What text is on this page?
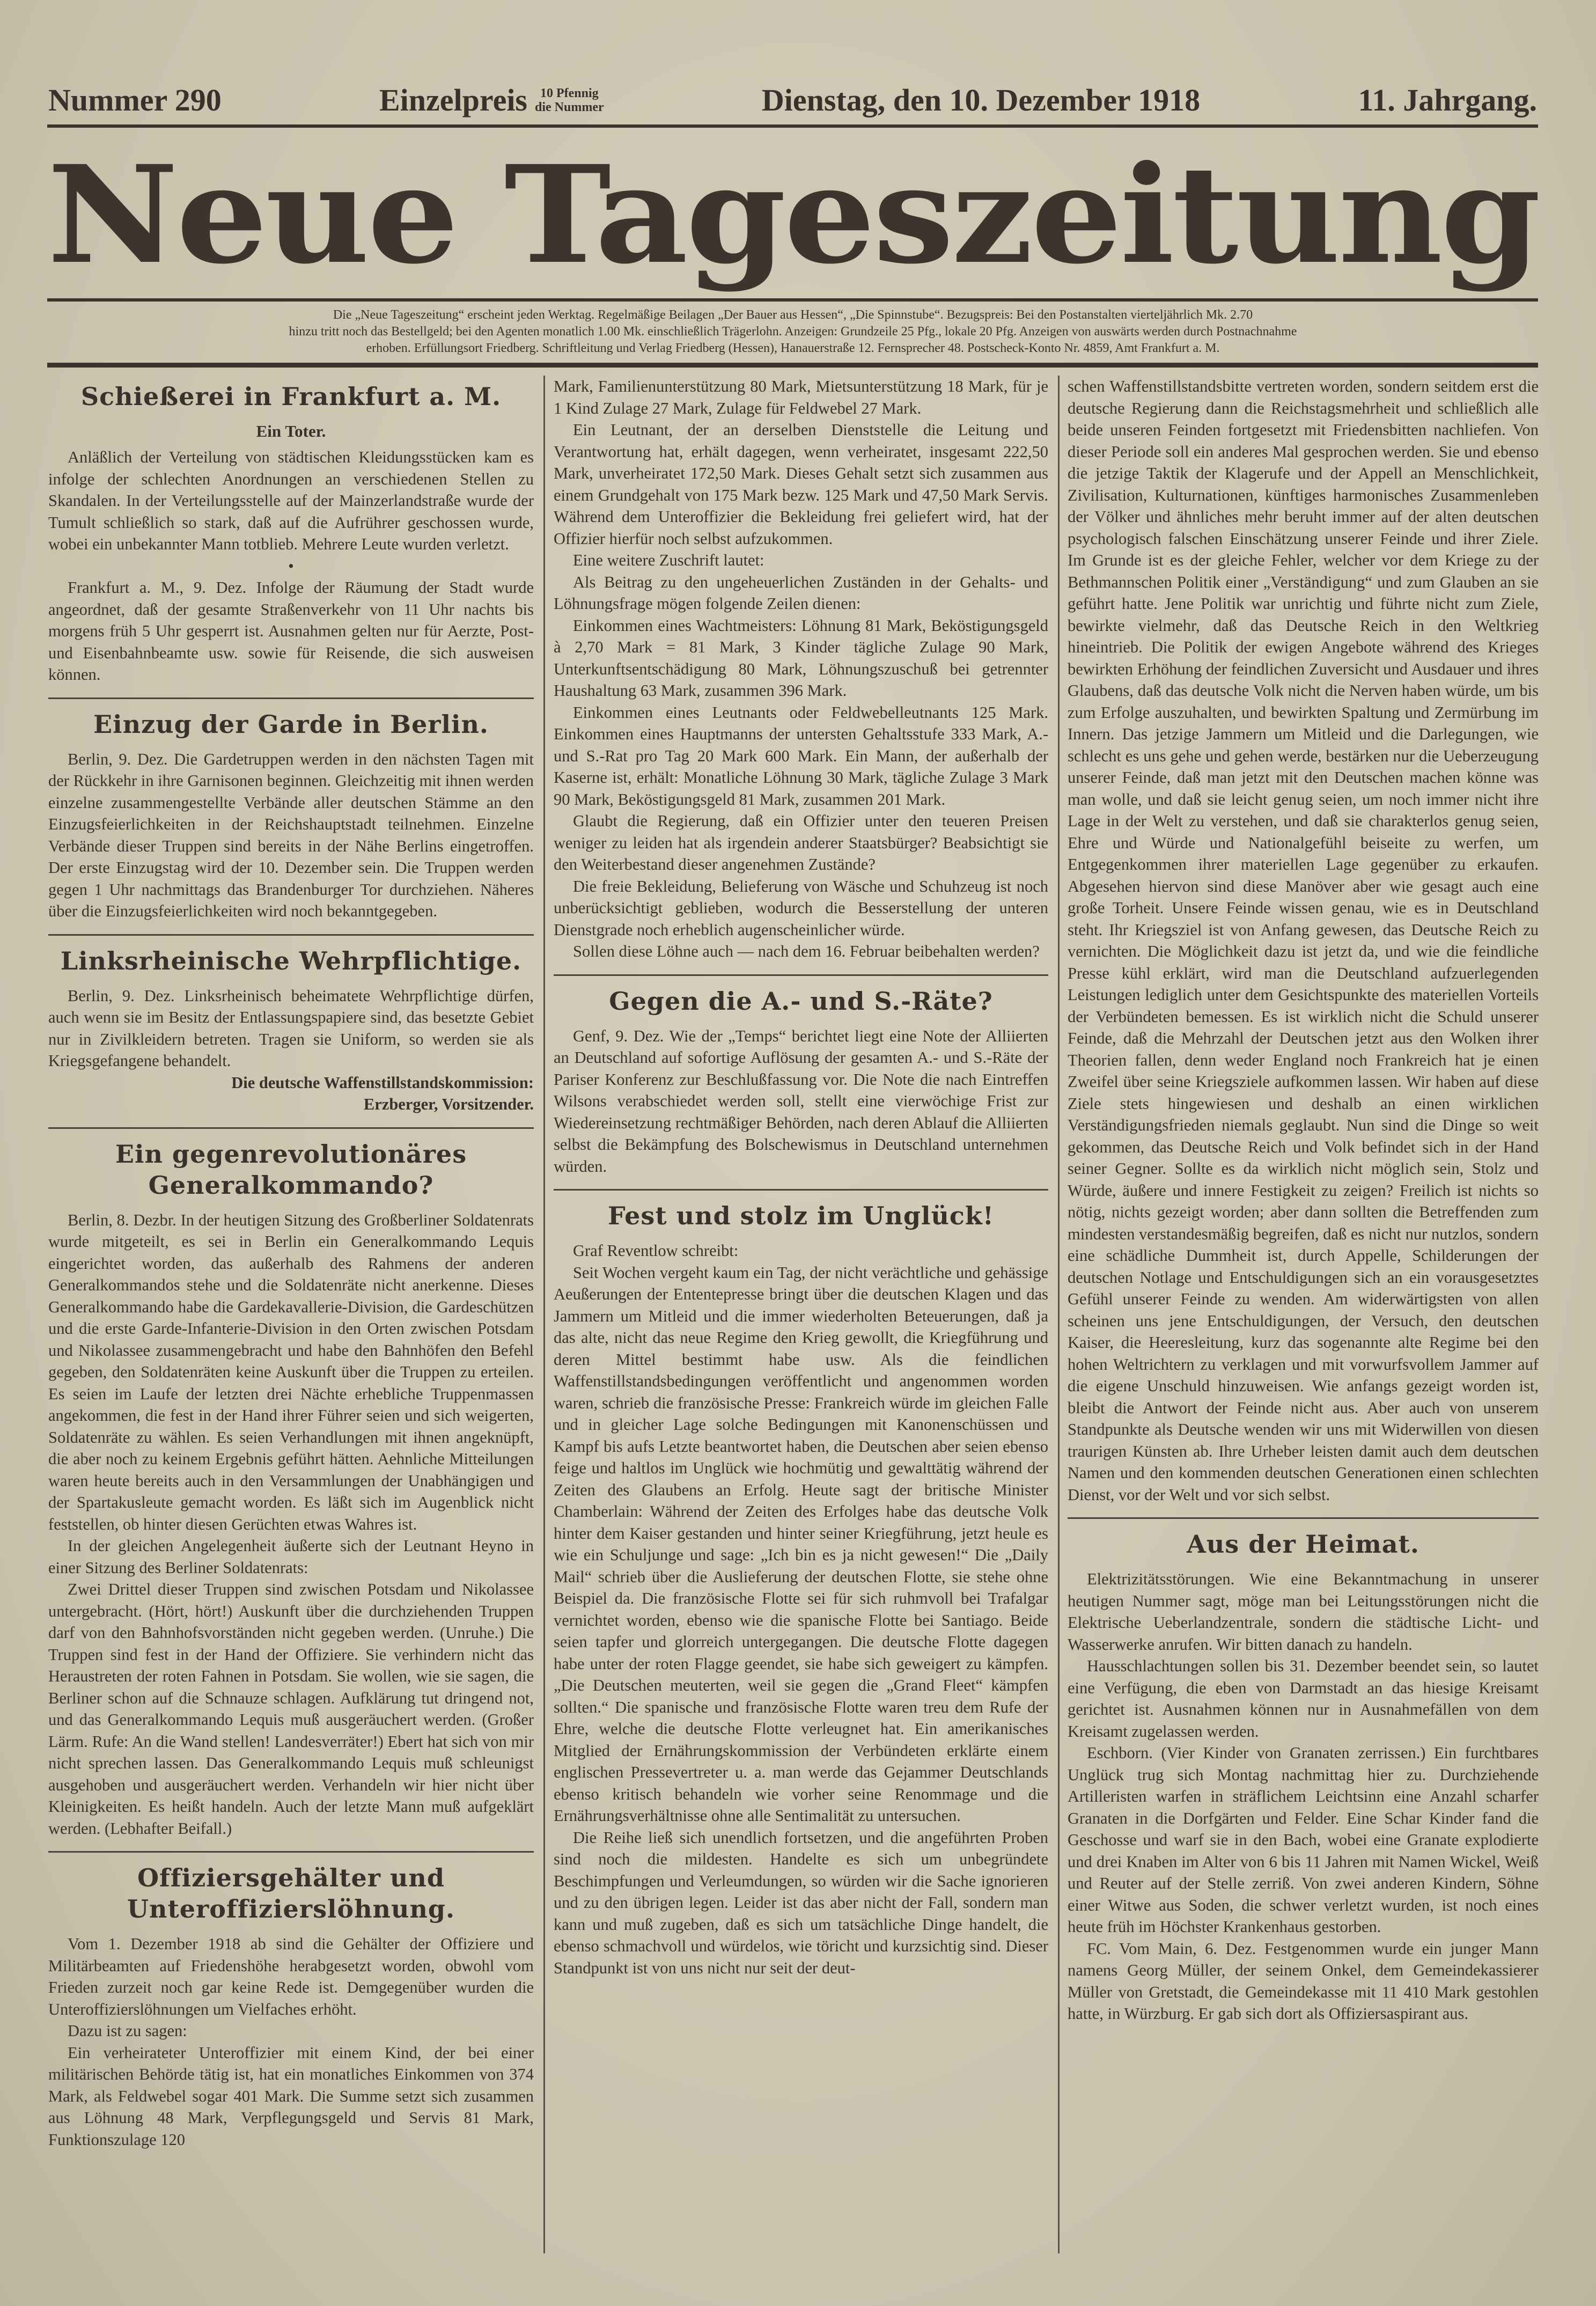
Nummer 290	Einzelpreis 10 Pfennig
die Nummer	Dienstag, den 10. Dezember 1918	11. Jahrgang.
Neue Tageszeitung
Die „Neue Tageszeitung“ erscheint jeden Werktag. Regelmäßige Beilagen „Der Bauer aus Hessen“, „Die Spinnstube“. Bezugspreis: Bei den Postanstalten vierteljährlich Mk. 2.70
hinzu tritt noch das Bestellgeld; bei den Agenten monatlich 1.00 Mk. einschließlich Trägerlohn. Anzeigen: Grundzeile 25 Pfg., lokale 20 Pfg. Anzeigen von auswärts werden durch Postnachnahme
erhoben. Erfüllungsort Friedberg. Schriftleitung und Verlag Friedberg (Hessen), Hanauerstraße 12. Fernsprecher 48. Postscheck-Konto Nr. 4859, Amt Frankfurt a. M.
Schießerei in Frankfurt a. M.
Ein Toter.

Anläßlich der Verteilung von städtischen Kleidungsstücken kam es infolge der schlechten Anordnungen an verschiedenen Stellen zu Skandalen. In der Verteilungsstelle auf der Mainzerlandstraße wurde der Tumult schließlich so stark, daß auf die Aufrührer geschossen wurde, wobei ein unbekannter Mann totblieb. Mehrere Leute wurden verletzt.

•

Frankfurt a. M., 9. Dez. Infolge der Räumung der Stadt wurde angeordnet, daß der gesamte Straßenverkehr von 11 Uhr nachts bis morgens früh 5 Uhr gesperrt ist. Ausnahmen gelten nur für Aerzte, Post- und Eisenbahnbeamte usw. sowie für Reisende, die sich ausweisen können.

Einzug der Garde in Berlin.

Berlin, 9. Dez. Die Gardetruppen werden in den nächsten Tagen mit der Rückkehr in ihre Garnisonen beginnen. Gleichzeitig mit ihnen werden einzelne zusammengestellte Verbände aller deutschen Stämme an den Einzugsfeierlichkeiten in der Reichshauptstadt teilnehmen. Einzelne Verbände dieser Truppen sind bereits in der Nähe Berlins eingetroffen. Der erste Einzugstag wird der 10. Dezember sein. Die Truppen werden gegen 1 Uhr nachmittags das Brandenburger Tor durchziehen. Näheres über die Einzugsfeierlichkeiten wird noch bekanntgegeben.

Linksrheinische Wehrpflichtige.

Berlin, 9. Dez. Linksrheinisch beheimatete Wehrpflichtige dürfen, auch wenn sie im Besitz der Entlassungspapiere sind, das besetzte Gebiet nur in Zivilkleidern betreten. Tragen sie Uniform, so werden sie als Kriegsgefangene behandelt.

Die deutsche Waffenstillstandskommission:

Erzberger, Vorsitzender.

Ein gegenrevolutionäres Generalkommando?

Berlin, 8. Dezbr. In der heutigen Sitzung des Großberliner Soldatenrats wurde mitgeteilt, es sei in Berlin ein Generalkommando Lequis eingerichtet worden, das außerhalb des Rahmens der anderen Generalkommandos stehe und die Soldatenräte nicht anerkenne. Dieses Generalkommando habe die Gardekavallerie-Division, die Gardeschützen und die erste Garde-Infanterie-Division in den Orten zwischen Potsdam und Nikolassee zusammengebracht und habe den Bahnhöfen den Befehl gegeben, den Soldatenräten keine Auskunft über die Truppen zu erteilen. Es seien im Laufe der letzten drei Nächte erhebliche Truppenmassen angekommen, die fest in der Hand ihrer Führer seien und sich weigerten, Soldatenräte zu wählen. Es seien Verhandlungen mit ihnen angeknüpft, die aber noch zu keinem Ergebnis geführt hätten. Aehnliche Mitteilungen waren heute bereits auch in den Versammlungen der Unabhängigen und der Spartakusleute gemacht worden. Es läßt sich im Augenblick nicht feststellen, ob hinter diesen Gerüchten etwas Wahres ist.

In der gleichen Angelegenheit äußerte sich der Leutnant Heyno in einer Sitzung des Berliner Soldatenrats:

Zwei Drittel dieser Truppen sind zwischen Potsdam und Nikolassee untergebracht. (Hört, hört!) Auskunft über die durchziehenden Truppen darf von den Bahnhofsvorständen nicht gegeben werden. (Unruhe.) Die Truppen sind fest in der Hand der Offiziere. Sie verhindern nicht das Heraustreten der roten Fahnen in Potsdam. Sie wollen, wie sie sagen, die Berliner schon auf die Schnauze schlagen. Aufklärung tut dringend not, und das Generalkommando Lequis muß ausgeräuchert werden. (Großer Lärm. Rufe: An die Wand stellen! Landesverräter!) Ebert hat sich von mir nicht sprechen lassen. Das Generalkommando Lequis muß schleunigst ausgehoben und ausgeräuchert werden. Verhandeln wir hier nicht über Kleinigkeiten. Es heißt handeln. Auch der letzte Mann muß aufgeklärt werden. (Lebhafter Beifall.)

Offiziersgehälter und Unteroffizierslöhnung.

Vom 1. Dezember 1918 ab sind die Gehälter der Offiziere und Militärbeamten auf Friedenshöhe herabgesetzt worden, obwohl vom Frieden zurzeit noch gar keine Rede ist. Demgegenüber wurden die Unteroffizierslöhnungen um Vielfaches erhöht.

Dazu ist zu sagen:

Ein verheirateter Unteroffizier mit einem Kind, der bei einer militärischen Behörde tätig ist, hat ein monatliches Einkommen von 374 Mark, als Feldwebel sogar 401 Mark. Die Summe setzt sich zusammen aus Löhnung 48 Mark, Verpflegungsgeld und Servis 81 Mark, Funktionszulage 120

Mark, Familienunterstützung 80 Mark, Mietsunterstützung 18 Mark, für je 1 Kind Zulage 27 Mark, Zulage für Feldwebel 27 Mark.

Ein Leutnant, der an derselben Dienststelle die Leitung und Verantwortung hat, erhält dagegen, wenn verheiratet, insgesamt 222,50 Mark, unverheiratet 172,50 Mark. Dieses Gehalt setzt sich zusammen aus einem Grundgehalt von 175 Mark bezw. 125 Mark und 47,50 Mark Servis. Während dem Unteroffizier die Bekleidung frei geliefert wird, hat der Offizier hierfür noch selbst aufzukommen.

Eine weitere Zuschrift lautet:

Als Beitrag zu den ungeheuerlichen Zuständen in der Gehalts- und Löhnungsfrage mögen folgende Zeilen dienen:

Einkommen eines Wachtmeisters: Löhnung 81 Mark, Beköstigungsgeld à 2,70 Mark = 81 Mark, 3 Kinder tägliche Zulage 90 Mark, Unterkunftsentschädigung 80 Mark, Löhnungszuschuß bei getrennter Haushaltung 63 Mark, zusammen 396 Mark.

Einkommen eines Leutnants oder Feldwebelleutnants 125 Mark. Einkommen eines Hauptmanns der untersten Gehaltsstufe 333 Mark, A.- und S.-Rat pro Tag 20 Mark 600 Mark. Ein Mann, der außerhalb der Kaserne ist, erhält: Monatliche Löhnung 30 Mark, tägliche Zulage 3 Mark 90 Mark, Beköstigungsgeld 81 Mark, zusammen 201 Mark.

Glaubt die Regierung, daß ein Offizier unter den teueren Preisen weniger zu leiden hat als irgendein anderer Staatsbürger? Beabsichtigt sie den Weiterbestand dieser angenehmen Zustände?

Die freie Bekleidung, Belieferung von Wäsche und Schuhzeug ist noch unberücksichtigt geblieben, wodurch die Besserstellung der unteren Dienstgrade noch erheblich augenscheinlicher würde.

Sollen diese Löhne auch — nach dem 16. Februar beibehalten werden?

Gegen die A.- und S.-Räte?

Genf, 9. Dez. Wie der „Temps“ berichtet liegt eine Note der Alliierten an Deutschland auf sofortige Auflösung der gesamten A.- und S.-Räte der Pariser Konferenz zur Beschlußfassung vor. Die Note die nach Eintreffen Wilsons verabschiedet werden soll, stellt eine vierwöchige Frist zur Wiedereinsetzung rechtmäßiger Behörden, nach deren Ablauf die Alliierten selbst die Bekämpfung des Bolschewismus in Deutschland unternehmen würden.

Fest und stolz im Unglück!

Graf Reventlow schreibt:

Seit Wochen vergeht kaum ein Tag, der nicht verächtliche und gehässige Aeußerungen der Ententepresse bringt über die deutschen Klagen und das Jammern um Mitleid und die immer wiederholten Beteuerungen, daß ja das alte, nicht das neue Regime den Krieg gewollt, die Kriegführung und deren Mittel bestimmt habe usw. Als die feindlichen Waffenstillstandsbedingungen veröffentlicht und angenommen worden waren, schrieb die französische Presse: Frankreich würde im gleichen Falle und in gleicher Lage solche Bedingungen mit Kanonenschüssen und Kampf bis aufs Letzte beantwortet haben, die Deutschen aber seien ebenso feige und haltlos im Unglück wie hochmütig und gewalttätig während der Zeiten des Glaubens an Erfolg. Heute sagt der britische Minister Chamberlain: Während der Zeiten des Erfolges habe das deutsche Volk hinter dem Kaiser gestanden und hinter seiner Kriegführung, jetzt heule es wie ein Schuljunge und sage: „Ich bin es ja nicht gewesen!“ Die „Daily Mail“ schrieb über die Auslieferung der deutschen Flotte, sie stehe ohne Beispiel da. Die französische Flotte sei für sich ruhmvoll bei Trafalgar vernichtet worden, ebenso wie die spanische Flotte bei Santiago. Beide seien tapfer und glorreich untergegangen. Die deutsche Flotte dagegen habe unter der roten Flagge geendet, sie habe sich geweigert zu kämpfen. „Die Deutschen meuterten, weil sie gegen die „Grand Fleet“ kämpfen sollten.“ Die spanische und französische Flotte waren treu dem Rufe der Ehre, welche die deutsche Flotte verleugnet hat. Ein amerikanisches Mitglied der Ernährungskommission der Verbündeten erklärte einem englischen Pressevertreter u. a. man werde das Gejammer Deutschlands ebenso kritisch behandeln wie vorher seine Renommage und die Ernährungsverhältnisse ohne alle Sentimalität zu untersuchen.

Die Reihe ließ sich unendlich fortsetzen, und die angeführten Proben sind noch die mildesten. Handelte es sich um unbegründete Beschimpfungen und Verleumdungen, so würden wir die Sache ignorieren und zu den übrigen legen. Leider ist das aber nicht der Fall, sondern man kann und muß zugeben, daß es sich um tatsächliche Dinge handelt, die ebenso schmachvoll und würdelos, wie töricht und kurzsichtig sind. Dieser Standpunkt ist von uns nicht nur seit der deut-

schen Waffenstillstandsbitte vertreten worden, sondern seitdem erst die deutsche Regierung dann die Reichstagsmehrheit und schließlich alle beide unseren Feinden fortgesetzt mit Friedensbitten nachliefen. Von dieser Periode soll ein anderes Mal gesprochen werden. Sie und ebenso die jetzige Taktik der Klagerufe und der Appell an Menschlichkeit, Zivilisation, Kulturnationen, künftiges harmonisches Zusammenleben der Völker und ähnliches mehr beruht immer auf der alten deutschen psychologisch falschen Einschätzung unserer Feinde und ihrer Ziele. Im Grunde ist es der gleiche Fehler, welcher vor dem Kriege zu der Bethmannschen Politik einer „Verständigung“ und zum Glauben an sie geführt hatte. Jene Politik war unrichtig und führte nicht zum Ziele, bewirkte vielmehr, daß das Deutsche Reich in den Weltkrieg hineintrieb. Die Politik der ewigen Angebote während des Krieges bewirkten Erhöhung der feindlichen Zuversicht und Ausdauer und ihres Glaubens, daß das deutsche Volk nicht die Nerven haben würde, um bis zum Erfolge auszuhalten, und bewirkten Spaltung und Zermürbung im Innern. Das jetzige Jammern um Mitleid und die Darlegungen, wie schlecht es uns gehe und gehen werde, bestärken nur die Ueberzeugung unserer Feinde, daß man jetzt mit den Deutschen machen könne was man wolle, und daß sie leicht genug seien, um noch immer nicht ihre Lage in der Welt zu verstehen, und daß sie charakterlos genug seien, Ehre und Würde und Nationalgefühl beiseite zu werfen, um Entgegenkommen ihrer materiellen Lage gegenüber zu erkaufen. Abgesehen hiervon sind diese Manöver aber wie gesagt auch eine große Torheit. Unsere Feinde wissen genau, wie es in Deutschland steht. Ihr Kriegsziel ist von Anfang gewesen, das Deutsche Reich zu vernichten. Die Möglichkeit dazu ist jetzt da, und wie die feindliche Presse kühl erklärt, wird man die Deutschland aufzuerlegenden Leistungen lediglich unter dem Gesichtspunkte des materiellen Vorteils der Verbündeten bemessen. Es ist wirklich nicht die Schuld unserer Feinde, daß die Mehrzahl der Deutschen jetzt aus den Wolken ihrer Theorien fallen, denn weder England noch Frankreich hat je einen Zweifel über seine Kriegsziele aufkommen lassen. Wir haben auf diese Ziele stets hingewiesen und deshalb an einen wirklichen Verständigungsfrieden niemals geglaubt. Nun sind die Dinge so weit gekommen, das Deutsche Reich und Volk befindet sich in der Hand seiner Gegner. Sollte es da wirklich nicht möglich sein, Stolz und Würde, äußere und innere Festigkeit zu zeigen? Freilich ist nichts so nötig, nichts gezeigt worden; aber dann sollten die Betreffenden zum mindesten verstandesmäßig begreifen, daß es nicht nur nutzlos, sondern eine schädliche Dummheit ist, durch Appelle, Schilderungen der deutschen Notlage und Entschuldigungen sich an ein vorausgesetztes Gefühl unserer Feinde zu wenden. Am widerwärtigsten von allen scheinen uns jene Entschuldigungen, der Versuch, den deutschen Kaiser, die Heeresleitung, kurz das sogenannte alte Regime bei den hohen Weltrichtern zu verklagen und mit vorwurfsvollem Jammer auf die eigene Unschuld hinzuweisen. Wie anfangs gezeigt worden ist, bleibt die Antwort der Feinde nicht aus. Aber auch von unserem Standpunkte als Deutsche wenden wir uns mit Widerwillen von diesen traurigen Künsten ab. Ihre Urheber leisten damit auch dem deutschen Namen und den kommenden deutschen Generationen einen schlechten Dienst, vor der Welt und vor sich selbst.

Aus der Heimat.

Elektrizitätsstörungen. Wie eine Bekanntmachung in unserer heutigen Nummer sagt, möge man bei Leitungsstörungen nicht die Elektrische Ueberlandzentrale, sondern die städtische Licht- und Wasserwerke anrufen. Wir bitten danach zu handeln.

Hausschlachtungen sollen bis 31. Dezember beendet sein, so lautet eine Verfügung, die eben von Darmstadt an das hiesige Kreisamt gerichtet ist. Ausnahmen können nur in Ausnahmefällen von dem Kreisamt zugelassen werden.

Eschborn. (Vier Kinder von Granaten zerrissen.) Ein furchtbares Unglück trug sich Montag nachmittag hier zu. Durchziehende Artilleristen warfen in sträflichem Leichtsinn eine Anzahl scharfer Granaten in die Dorfgärten und Felder. Eine Schar Kinder fand die Geschosse und warf sie in den Bach, wobei eine Granate explodierte und drei Knaben im Alter von 6 bis 11 Jahren mit Namen Wickel, Weiß und Reuter auf der Stelle zerriß. Von zwei anderen Kindern, Söhne einer Witwe aus Soden, die schwer verletzt wurden, ist noch eines heute früh im Höchster Krankenhaus gestorben.

FC. Vom Main, 6. Dez. Festgenommen wurde ein junger Mann namens Georg Müller, der seinem Onkel, dem Gemeindekassierer Müller von Gretstadt, die Gemeindekasse mit 11 410 Mark gestohlen hatte, in Würzburg. Er gab sich dort als Offiziersaspirant aus.
